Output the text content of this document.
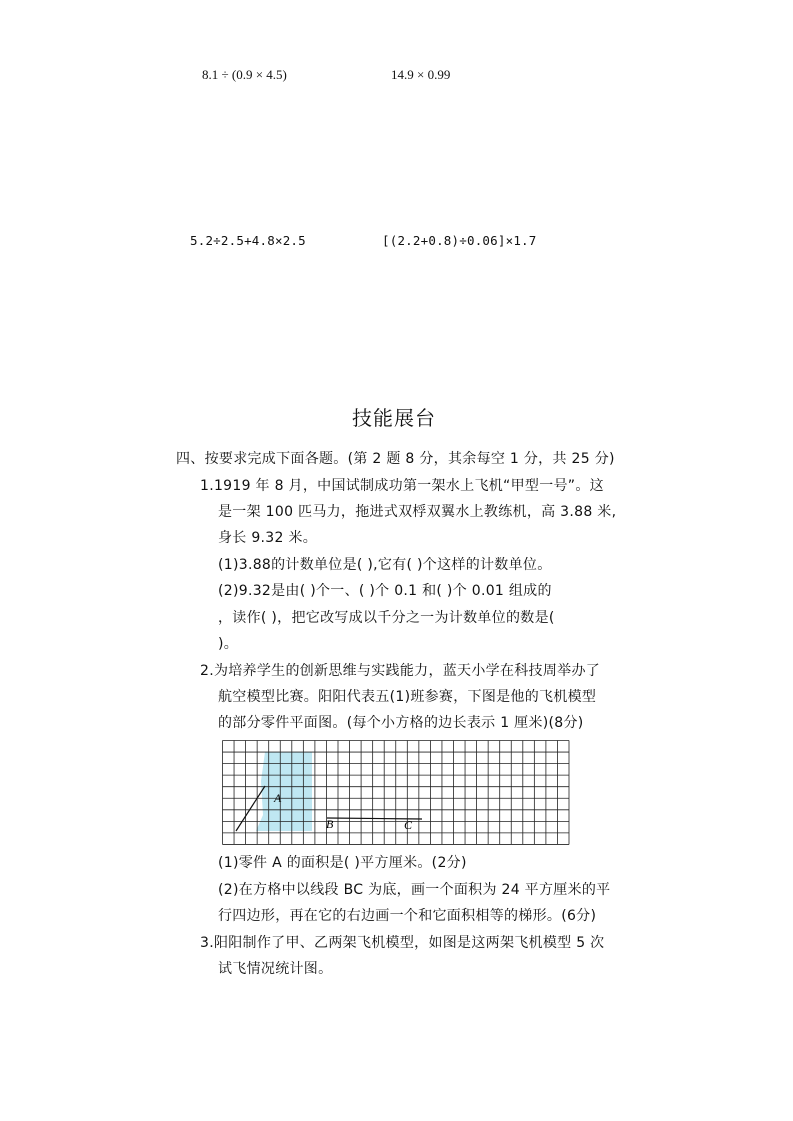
8.1 ÷ (0.9 × 4.5)	14.9 × 0.99
5.2÷2.5+4.8×2.5	[(2.2+0.8)÷0.06]×1.7
技能展台
四、按要求完成下面各题。(第 2 题 8 分，其余每空 1 分，共 25 分)
1.1919 年 8 月，中国试制成功第一架水上飞机“甲型一号”。这
是一架 100 匹马力，拖进式双桴双翼水上教练机，高 3.88 米,
身长 9.32 米。
(1)3.88的计数单位是( ),它有( )个这样的计数单位。
(2)9.32是由( )个一、( )个 0.1 和( )个 0.01 组成的
，读作( )，把它改写成以千分之一为计数单位的数是(
)。
2.为培养学生的创新思维与实践能力，蓝天小学在科技周举办了
航空模型比赛。阳阳代表五(1)班参赛，下图是他的飞机模型
的部分零件平面图。(每个小方格的边长表示 1 厘米)(8分)
A
B	C
(1)零件 A 的面积是( )平方厘米。(2分)
(2)在方格中以线段 BC 为底，画一个面积为 24 平方厘米的平
行四边形，再在它的右边画一个和它面积相等的梯形。(6分)
3.阳阳制作了甲、乙两架飞机模型，如图是这两架飞机模型 5 次
试飞情况统计图。
